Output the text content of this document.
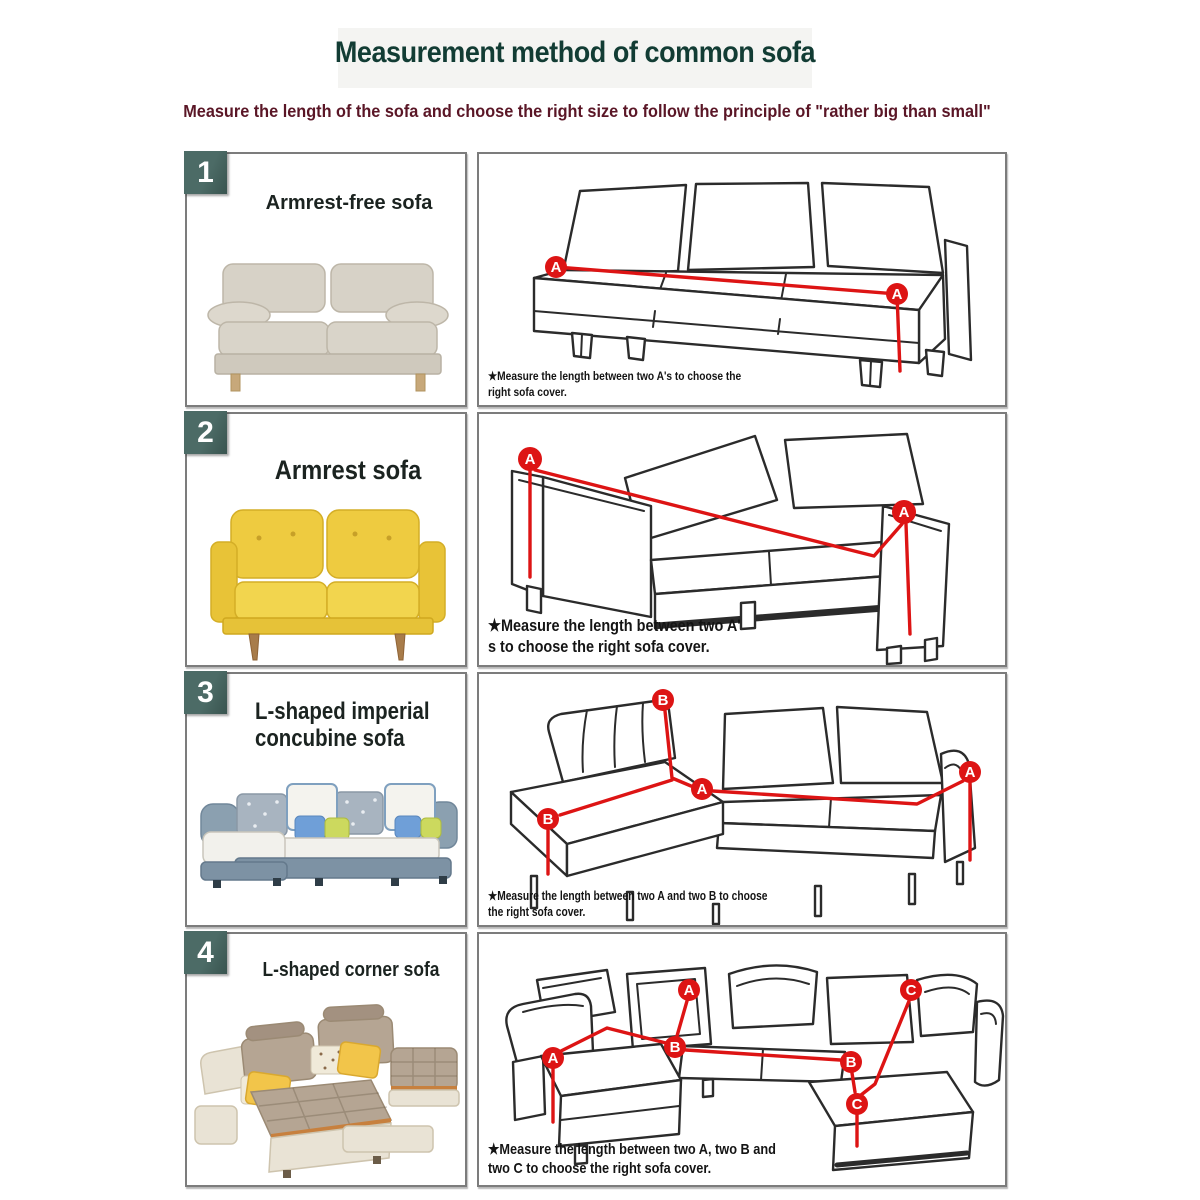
Measurement method of common sofa
Measure the length of the sofa and choose the right size to follow the principle of "rather big than small"
1
Armrest-free sofa
A
A
★Measure the length between two A's to choose the
right sofa cover.
2
Armrest sofa	A
A
★Measure the length between two A'
s to choose the right sofa cover.
3
L-shaped imperial concubine sofa
B
A
A
B
★Measure the length between two A and two B to choose
the right sofa cover.
4
L-shaped corner sofa
A
A
B
B
C
C
★Measure the length between two A, two B and
two C to choose the right sofa cover.
